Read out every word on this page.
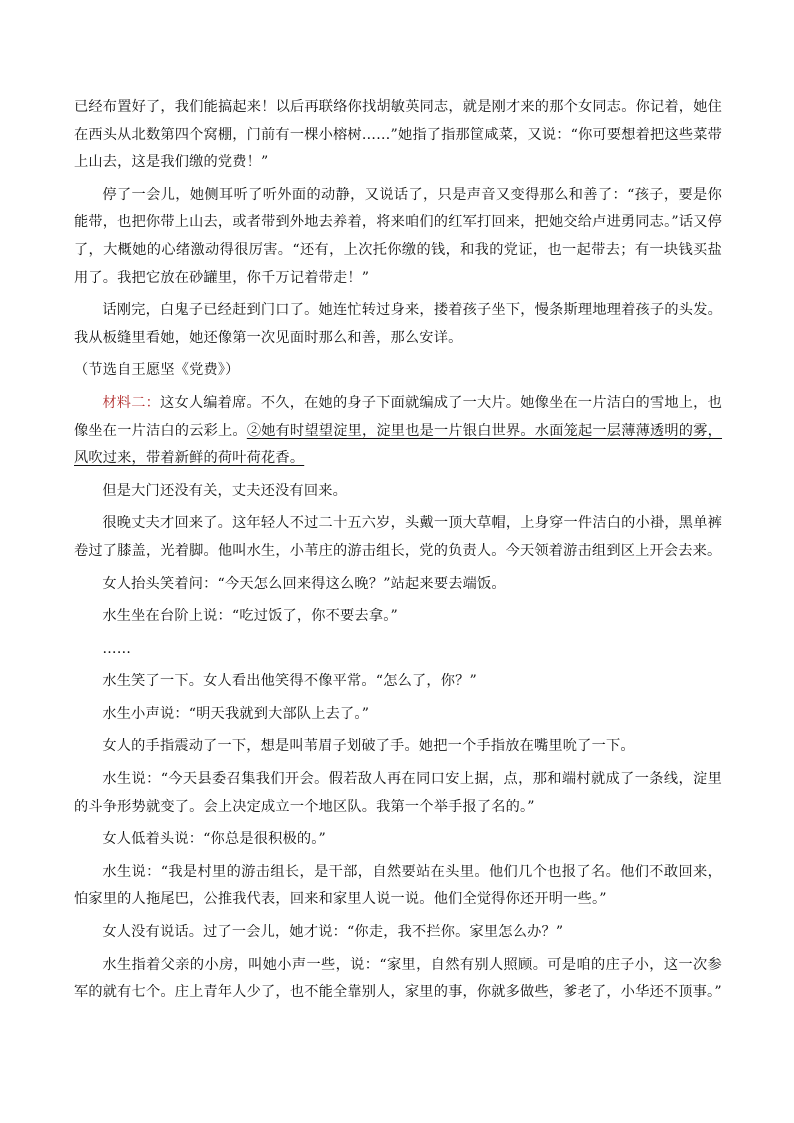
已经布置好了，我们能搞起来！以后再联络你找胡敏英同志，就是刚才来的那个女同志。你记着，她住在西头从北数第四个窝棚，门前有一棵小榕树……”她指了指那筐咸菜，又说：“你可要想着把这些菜带上山去，这是我们缴的党费！”

停了一会儿，她侧耳听了听外面的动静，又说话了，只是声音又变得那么和善了：“孩子，要是你能带，也把你带上山去，或者带到外地去养着，将来咱们的红军打回来，把她交给卢进勇同志。”话又停了，大概她的心绪激动得很厉害。“还有，上次托你缴的钱，和我的党证，也一起带去；有一块钱买盐用了。我把它放在砂罐里，你千万记着带走！”

话刚完，白鬼子已经赶到门口了。她连忙转过身来，搂着孩子坐下，慢条斯理地理着孩子的头发。我从板缝里看她，她还像第一次见面时那么和善，那么安详。

（节选自王愿坚《党费》）

材料二：这女人编着席。不久，在她的身子下面就编成了一大片。她像坐在一片洁白的雪地上，也像坐在一片洁白的云彩上。②她有时望望淀里，淀里也是一片银白世界。水面笼起一层薄薄透明的雾，风吹过来，带着新鲜的荷叶荷花香。

但是大门还没有关，丈夫还没有回来。

很晚丈夫才回来了。这年轻人不过二十五六岁，头戴一顶大草帽，上身穿一件洁白的小褂，黑单裤卷过了膝盖，光着脚。他叫水生，小苇庄的游击组长，党的负责人。今天领着游击组到区上开会去来。

女人抬头笑着问：“今天怎么回来得这么晚？”站起来要去端饭。

水生坐在台阶上说：“吃过饭了，你不要去拿。”

……

水生笑了一下。女人看出他笑得不像平常。“怎么了，你？”

水生小声说：“明天我就到大部队上去了。”

女人的手指震动了一下，想是叫苇眉子划破了手。她把一个手指放在嘴里吮了一下。

水生说：“今天县委召集我们开会。假若敌人再在同口安上据，点，那和端村就成了一条线，淀里的斗争形势就变了。会上决定成立一个地区队。我第一个举手报了名的。”

女人低着头说：“你总是很积极的。”

水生说：“我是村里的游击组长，是干部，自然要站在头里。他们几个也报了名。他们不敢回来，怕家里的人拖尾巴，公推我代表，回来和家里人说一说。他们全觉得你还开明一些。”

女人没有说话。过了一会儿，她才说：“你走，我不拦你。家里怎么办？”

水生指着父亲的小房，叫她小声一些，说：“家里，自然有别人照顾。可是咱的庄子小，这一次参军的就有七个。庄上青年人少了，也不能全靠别人，家里的事，你就多做些，爹老了，小华还不顶事。”
